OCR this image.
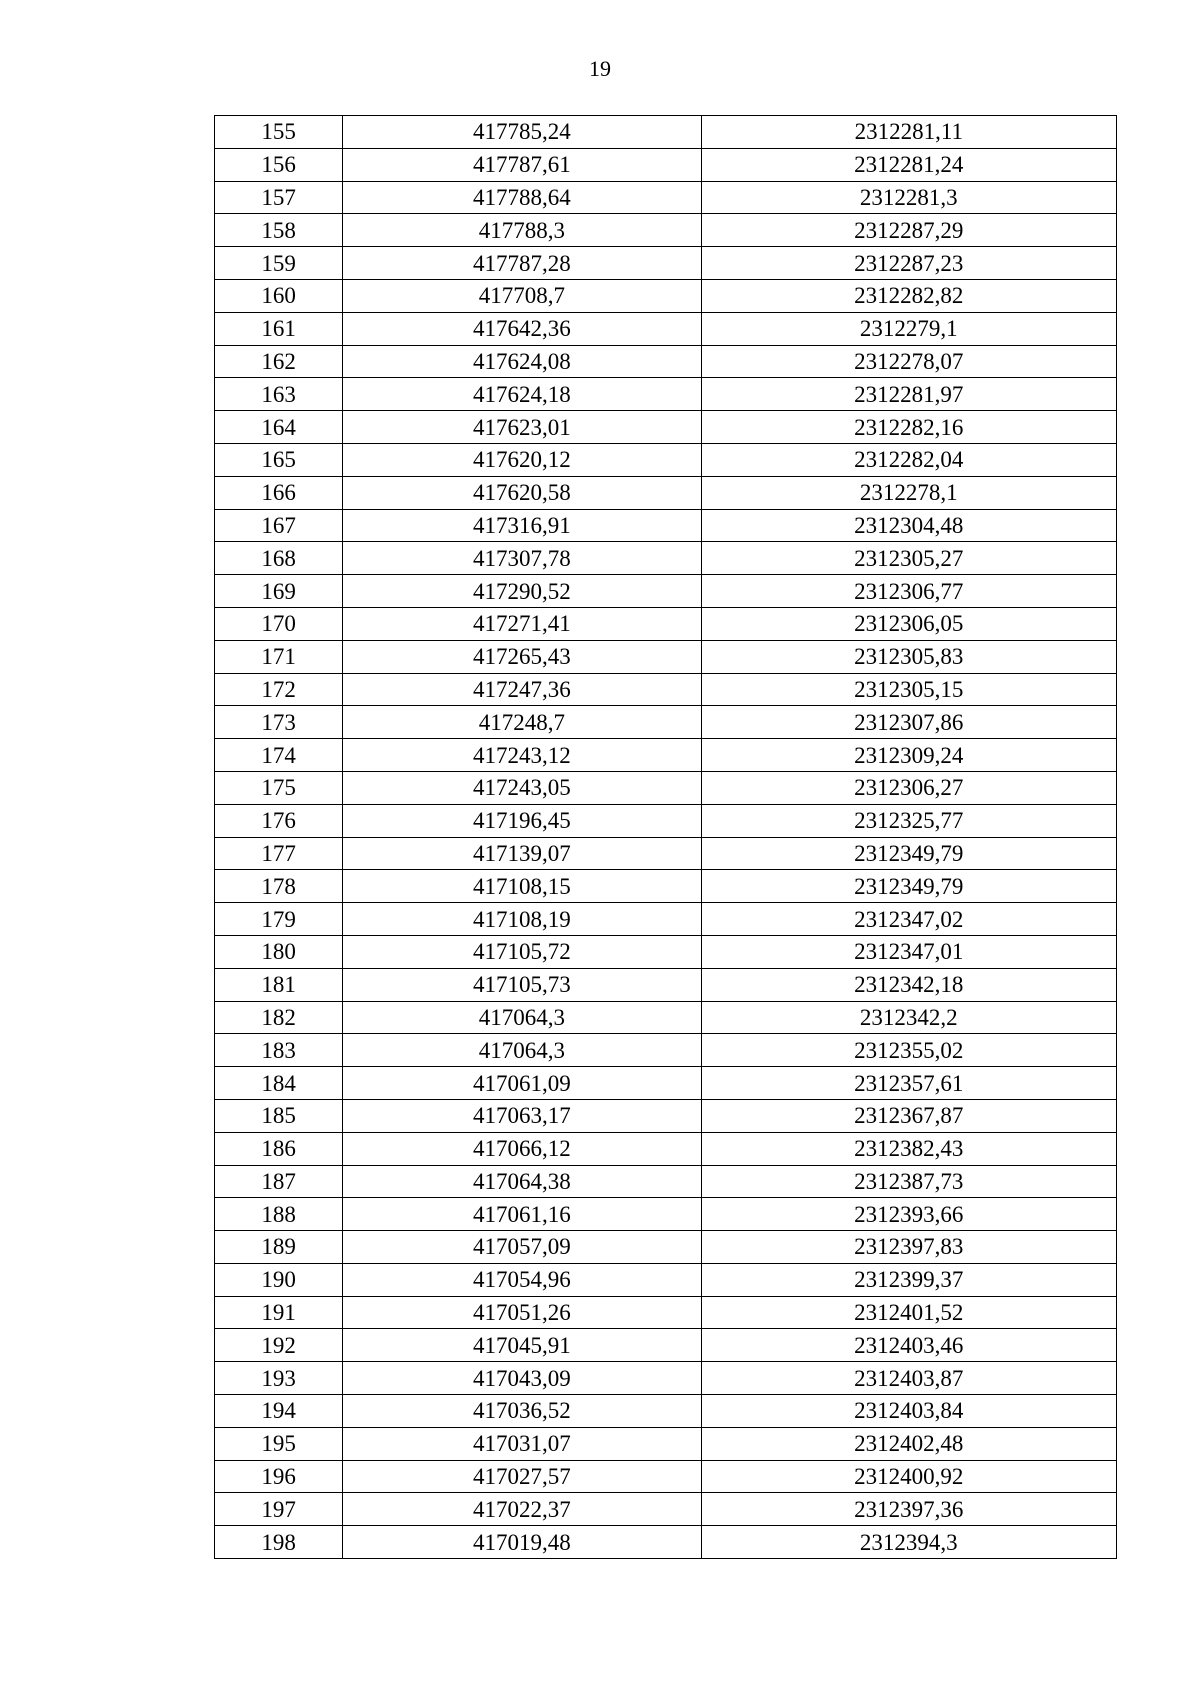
19
155	417785,24	2312281,11
156	417787,61	2312281,24
157	417788,64	2312281,3
158	417788,3	2312287,29
159	417787,28	2312287,23
160	417708,7	2312282,82
161	417642,36	2312279,1
162	417624,08	2312278,07
163	417624,18	2312281,97
164	417623,01	2312282,16
165	417620,12	2312282,04
166	417620,58	2312278,1
167	417316,91	2312304,48
168	417307,78	2312305,27
169	417290,52	2312306,77
170	417271,41	2312306,05
171	417265,43	2312305,83
172	417247,36	2312305,15
173	417248,7	2312307,86
174	417243,12	2312309,24
175	417243,05	2312306,27
176	417196,45	2312325,77
177	417139,07	2312349,79
178	417108,15	2312349,79
179	417108,19	2312347,02
180	417105,72	2312347,01
181	417105,73	2312342,18
182	417064,3	2312342,2
183	417064,3	2312355,02
184	417061,09	2312357,61
185	417063,17	2312367,87
186	417066,12	2312382,43
187	417064,38	2312387,73
188	417061,16	2312393,66
189	417057,09	2312397,83
190	417054,96	2312399,37
191	417051,26	2312401,52
192	417045,91	2312403,46
193	417043,09	2312403,87
194	417036,52	2312403,84
195	417031,07	2312402,48
196	417027,57	2312400,92
197	417022,37	2312397,36
198	417019,48	2312394,3
